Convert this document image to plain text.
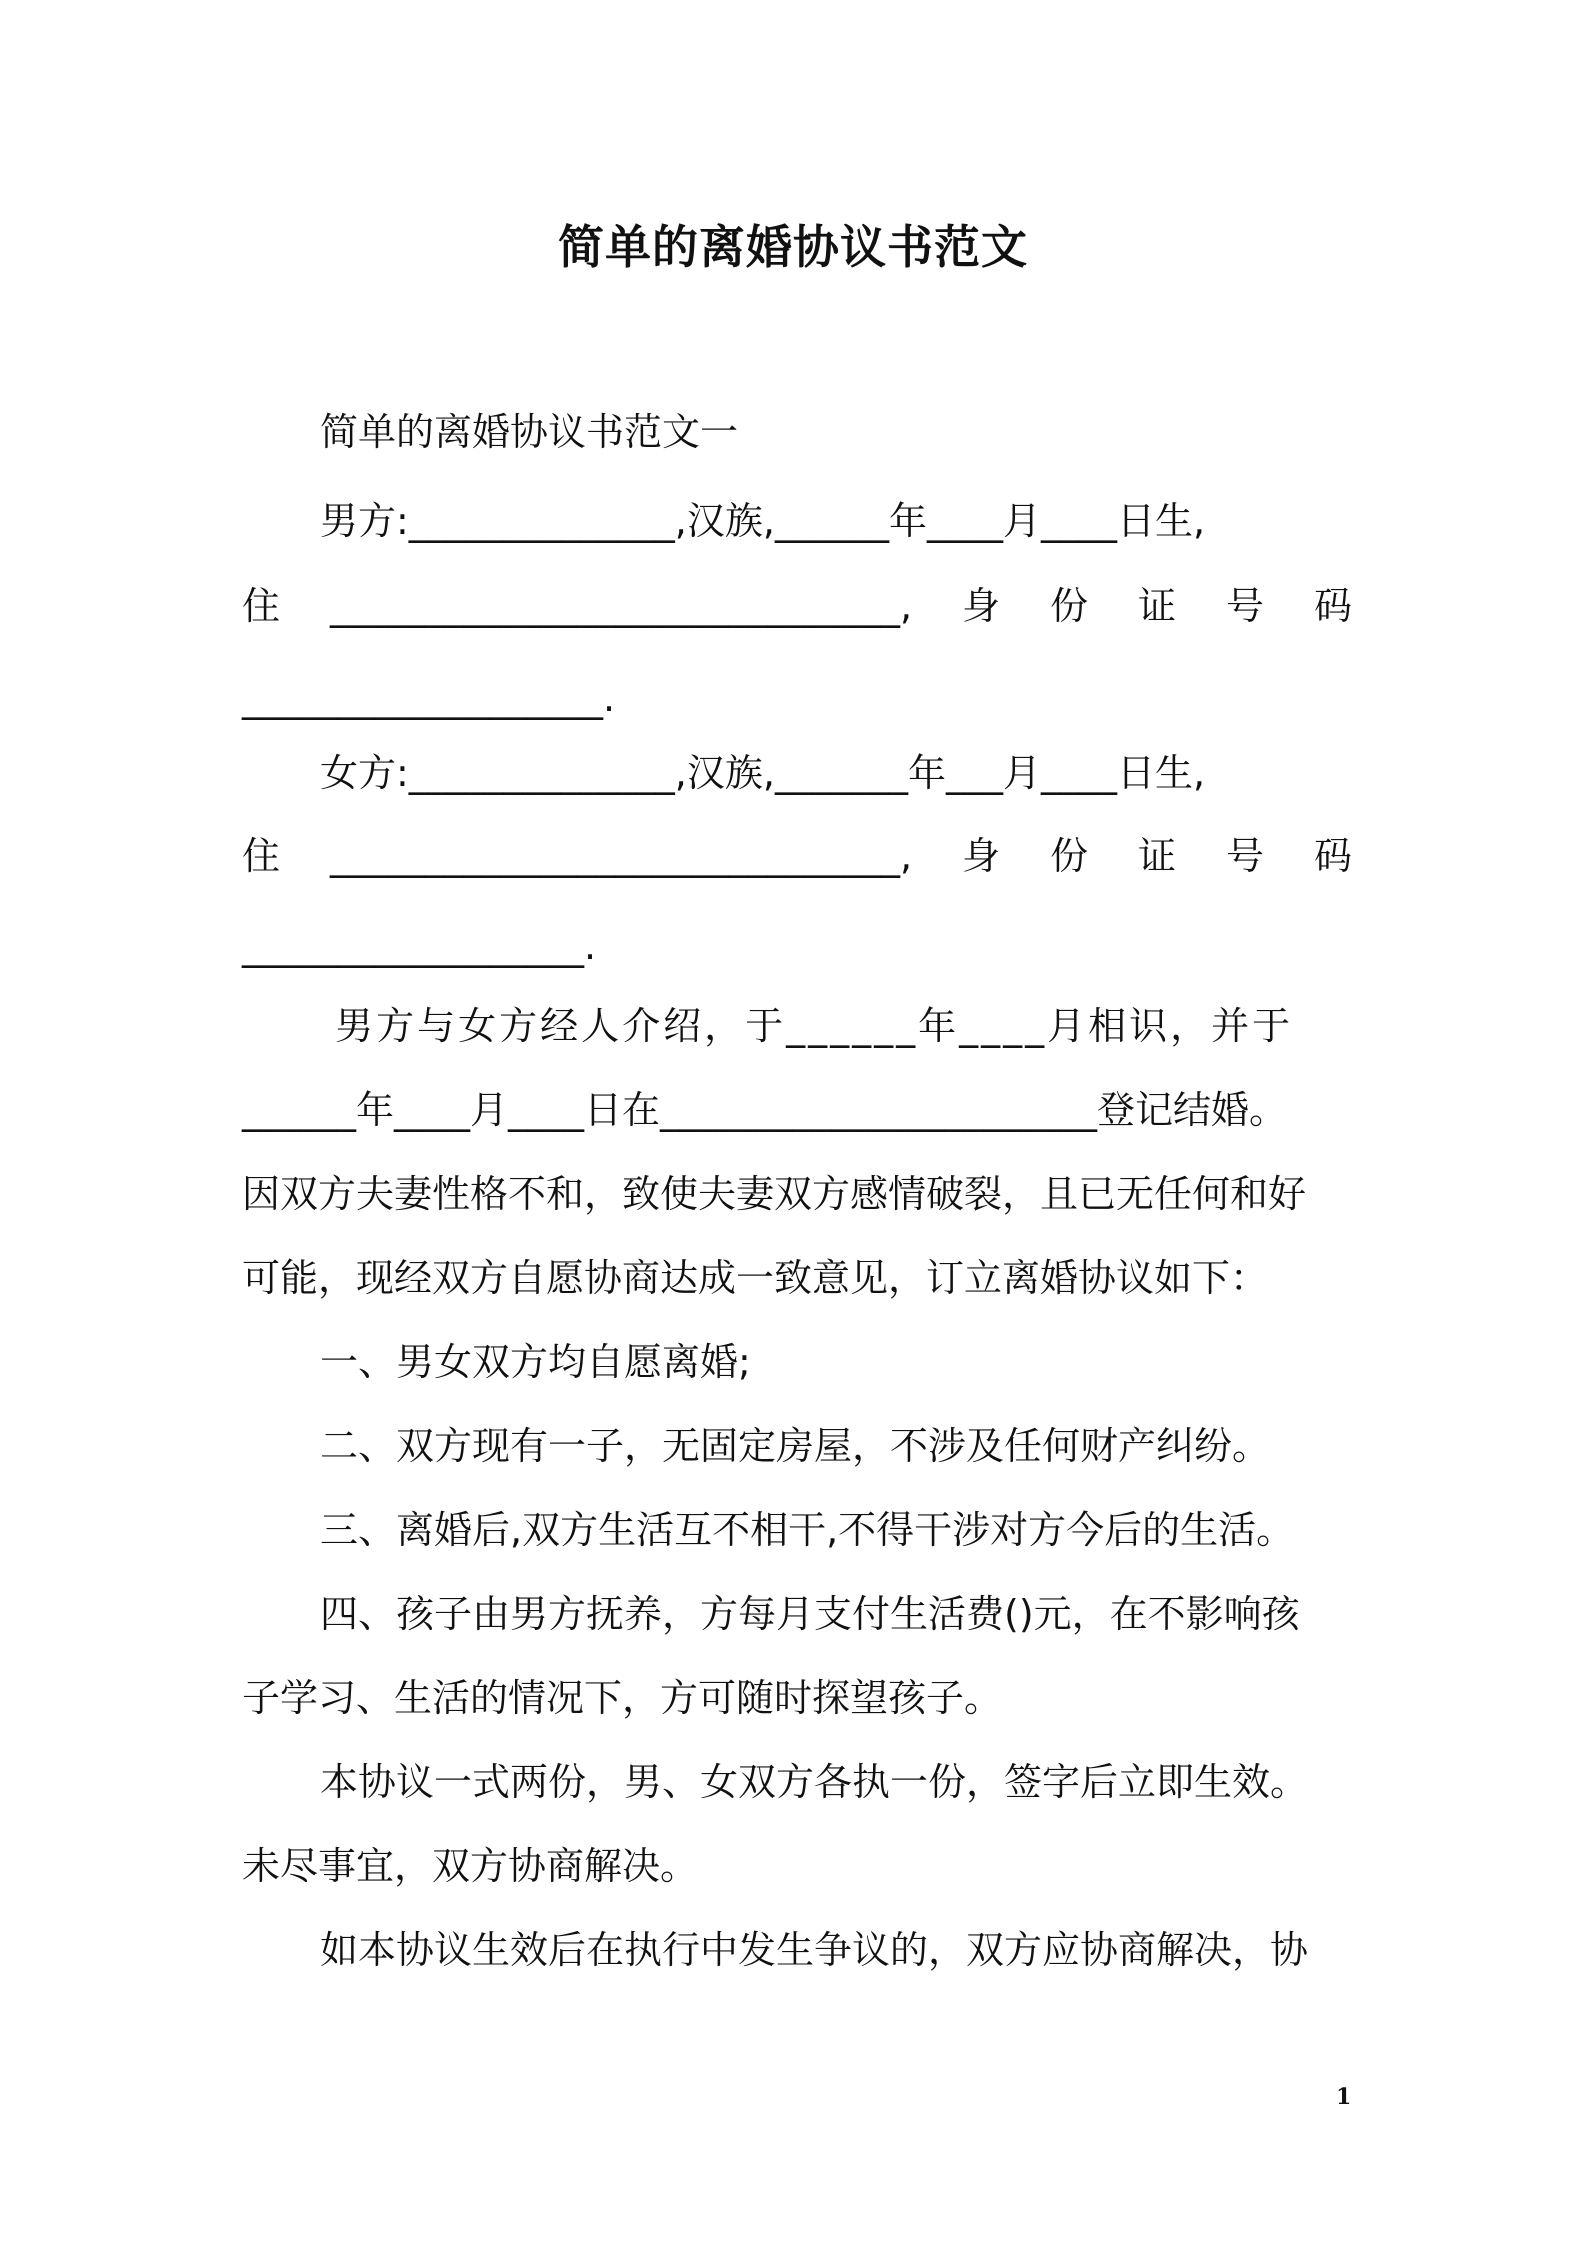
简单的离婚协议书范文
简单的离婚协议书范文一
男方:______________,汉族,______年____月____日生,
住 ______________________________, 身 份 证 号 码
___________________.
女方:______________,汉族,_______年___月____日生,
住 ______________________________, 身 份 证 号 码
__________________.
男方与女方经人介绍，于______年____月相识，并于
______年____月____日在_______________________登记结婚。
因双方夫妻性格不和，致使夫妻双方感情破裂，且已无任何和好
可能，现经双方自愿协商达成一致意见，订立离婚协议如下：
一、男女双方均自愿离婚;
二、双方现有一子，无固定房屋，不涉及任何财产纠纷。
三、离婚后,双方生活互不相干,不得干涉对方今后的生活。
四、孩子由男方抚养，方每月支付生活费()元，在不影响孩
子学习、生活的情况下，方可随时探望孩子。
本协议一式两份，男、女双方各执一份，签字后立即生效。
未尽事宜，双方协商解决。
如本协议生效后在执行中发生争议的，双方应协商解决，协
1
